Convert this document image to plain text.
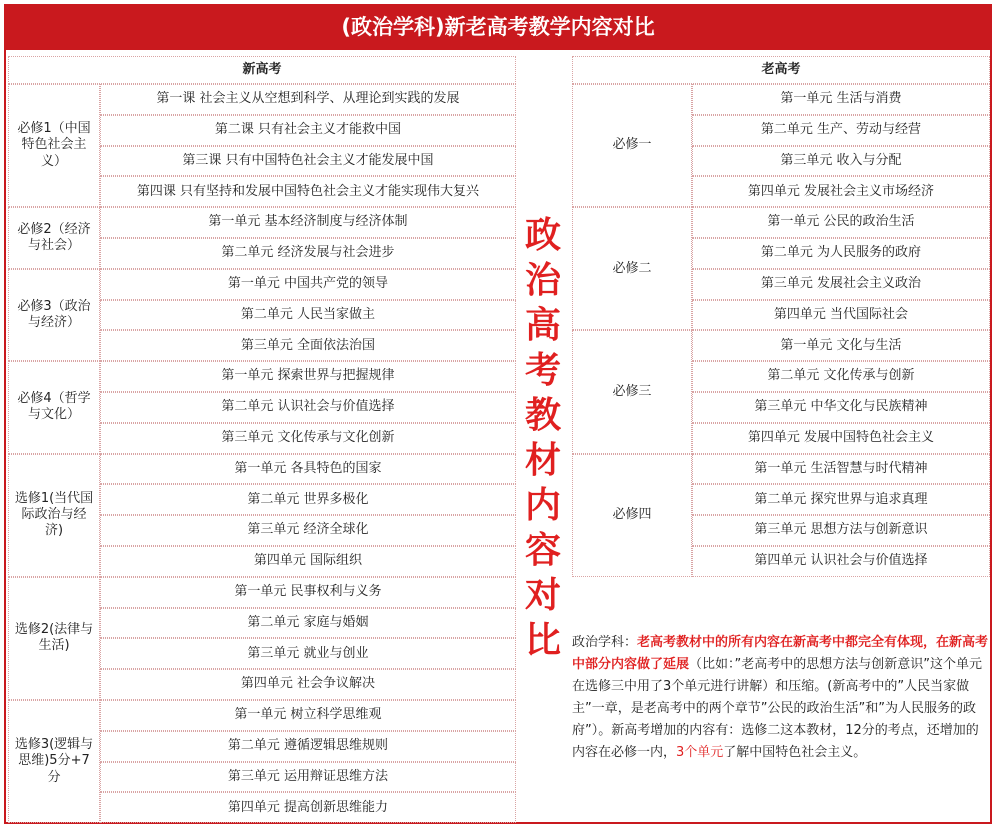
(政治学科)新老高考教学内容对比
新高考	老高考
必修1（中国特色社会主义）
第一课 社会主义从空想到科学、从理论到实践的发展
第二课 只有社会主义才能救中国
第三课 只有中国特色社会主义才能发展中国
第四课 只有坚持和发展中国特色社会主义才能实现伟大复兴
必修2（经济与社会）
第一单元 基本经济制度与经济体制
第二单元 经济发展与社会进步
必修3（政治与经济）
第一单元 中国共产党的领导
第二单元 人民当家做主
第三单元 全面依法治国
必修4（哲学与文化）
第一单元 探索世界与把握规律
第二单元 认识社会与价值选择
第三单元 文化传承与文化创新
选修1(当代国际政治与经济)
第一单元 各具特色的国家
第二单元 世界多极化
第三单元 经济全球化
第四单元 国际组织
选修2(法律与生活)
第一单元 民事权利与义务
第二单元 家庭与婚姻
第三单元 就业与创业
第四单元 社会争议解决
选修3(逻辑与思维)5分+7分
第一单元 树立科学思维观
第二单元 遵循逻辑思维规则
第三单元 运用辩证思维方法
第四单元 提高创新思维能力
必修一
第一单元 生活与消费
第二单元 生产、劳动与经营
第三单元 收入与分配
第四单元 发展社会主义市场经济
必修二
第一单元 公民的政治生活
第二单元 为人民服务的政府
第三单元 发展社会主义政治
第四单元 当代国际社会
必修三
第一单元 文化与生活
第二单元 文化传承与创新
第三单元 中华文化与民族精神
第四单元 发展中国特色社会主义
必修四
第一单元 生活智慧与时代精神
第二单元 探究世界与追求真理
第三单元 思想方法与创新意识
第四单元 认识社会与价值选择
政
治
高
考
教
材
内
容
对
比 政治学科：老高考教材中的所有内容在新高考中都完全有体现，在新高考中部分内容做了延展（比如：”老高考中的思想方法与创新意识”这个单元在选修三中用了3个单元进行讲解）和压缩。(新高考中的”人民当家做主”一章，是老高考中的两个章节”公民的政治生活”和”为人民服务的政府”）。新高考增加的内容有：选修二这本教材，12分的考点，还增加的内容在必修一内，3个单元了解中国特色社会主义。
